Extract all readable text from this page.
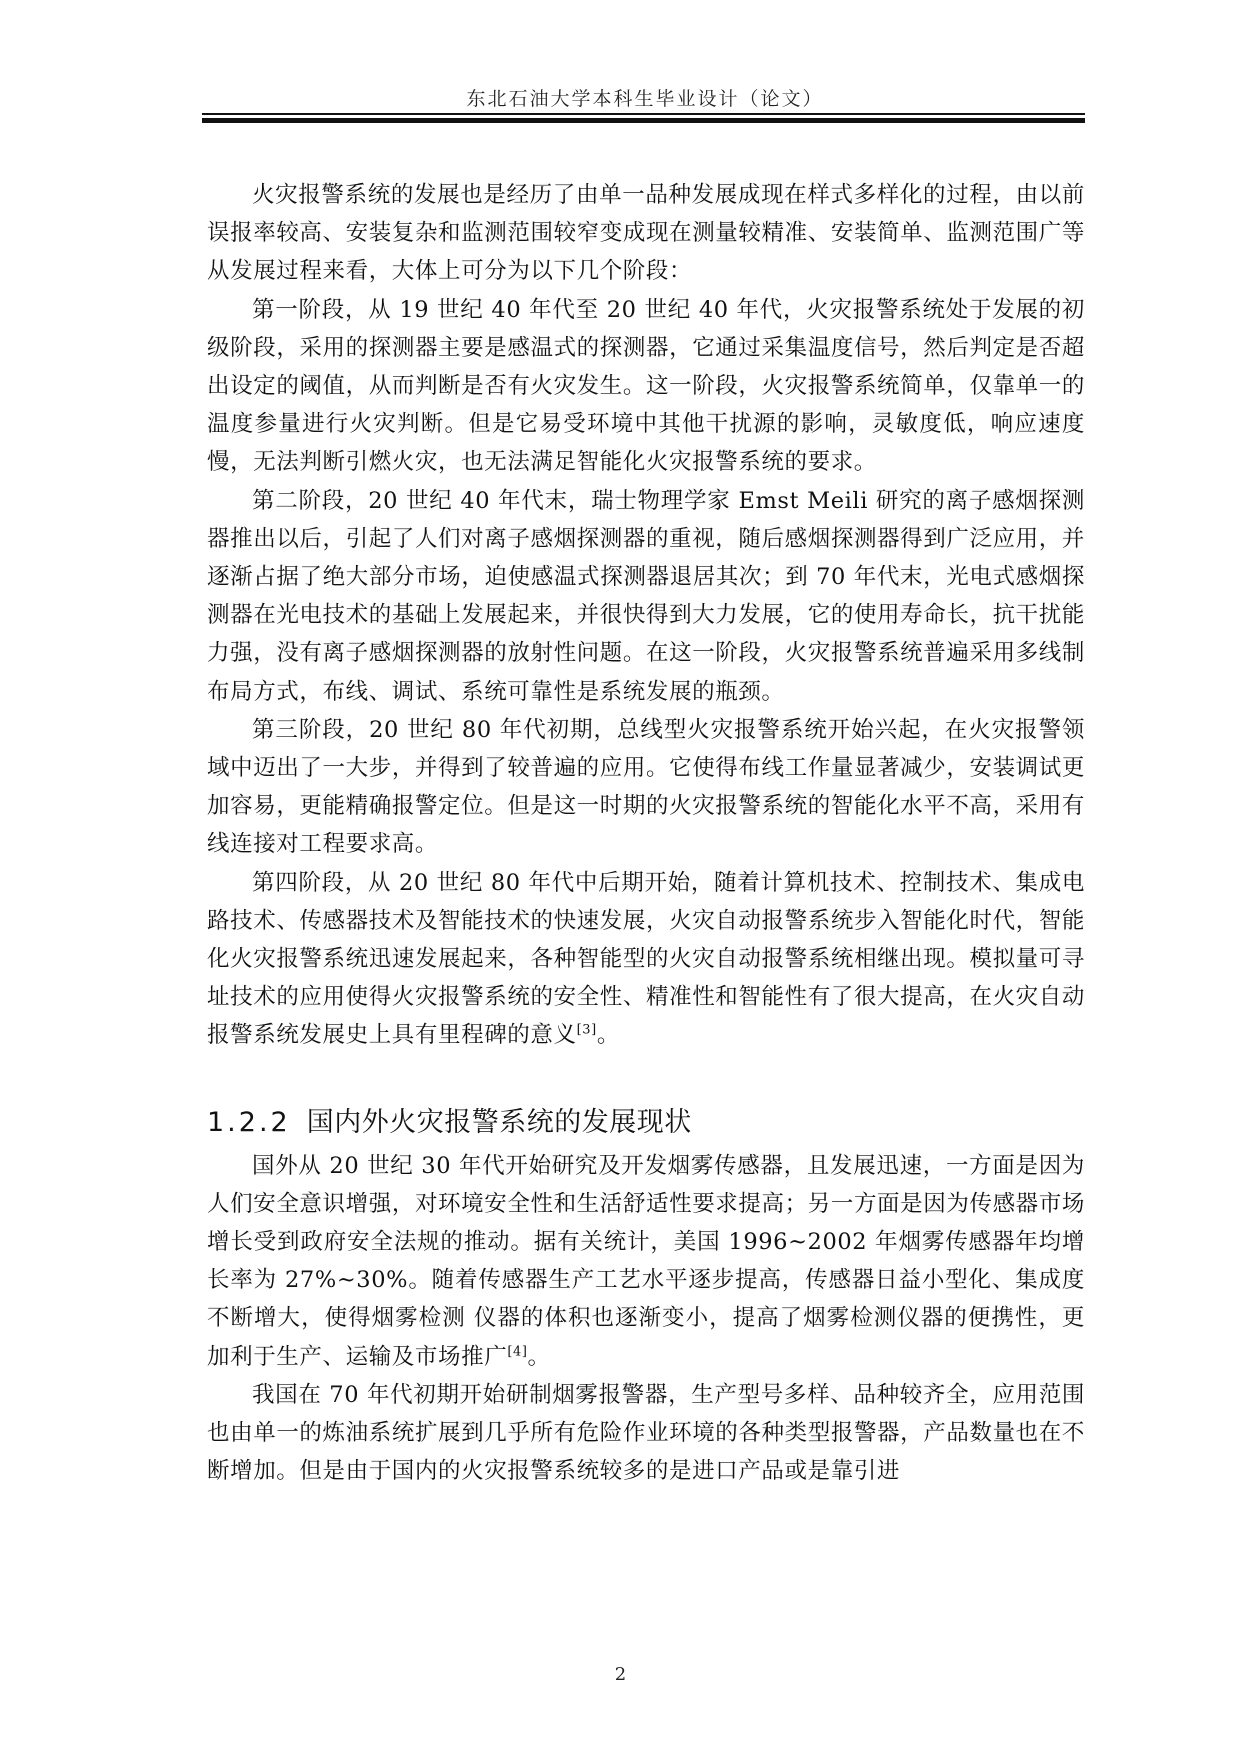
东北石油大学本科生毕业设计（论文）

火灾报警系统的发展也是经历了由单一品种发展成现在样式多样化的过程，由以前误报率较高、安装复杂和监测范围较窄变成现在测量较精准、安装简单、监测范围广等从发展过程来看，大体上可分为以下几个阶段：

第一阶段，从 19 世纪 40 年代至 20 世纪 40 年代，火灾报警系统处于发展的初级阶段，采用的探测器主要是感温式的探测器，它通过采集温度信号，然后判定是否超出设定的阈值，从而判断是否有火灾发生。这一阶段，火灾报警系统简单，仅靠单一的温度参量进行火灾判断。但是它易受环境中其他干扰源的影响，灵敏度低，响应速度慢，无法判断引燃火灾，也无法满足智能化火灾报警系统的要求。

第二阶段，20 世纪 40 年代末，瑞士物理学家 Emst Meili 研究的离子感烟探测器推出以后，引起了人们对离子感烟探测器的重视，随后感烟探测器得到广泛应用，并逐渐占据了绝大部分市场，迫使感温式探测器退居其次；到 70 年代末，光电式感烟探测器在光电技术的基础上发展起来，并很快得到大力发展，它的使用寿命长，抗干扰能力强，没有离子感烟探测器的放射性问题。在这一阶段，火灾报警系统普遍采用多线制布局方式，布线、调试、系统可靠性是系统发展的瓶颈。

第三阶段，20 世纪 80 年代初期，总线型火灾报警系统开始兴起，在火灾报警领域中迈出了一大步，并得到了较普遍的应用。它使得布线工作量显著减少，安装调试更加容易，更能精确报警定位。但是这一时期的火灾报警系统的智能化水平不高，采用有线连接对工程要求高。

第四阶段，从 20 世纪 80 年代中后期开始，随着计算机技术、控制技术、集成电路技术、传感器技术及智能技术的快速发展，火灾自动报警系统步入智能化时代，智能化火灾报警系统迅速发展起来，各种智能型的火灾自动报警系统相继出现。模拟量可寻址技术的应用使得火灾报警系统的安全性、精准性和智能性有了很大提高，在火灾自动报警系统发展史上具有里程碑的意义[3]。

1.2.2 国内外火灾报警系统的发展现状

国外从 20 世纪 30 年代开始研究及开发烟雾传感器，且发展迅速，一方面是因为人们安全意识增强，对环境安全性和生活舒适性要求提高；另一方面是因为传感器市场增长受到政府安全法规的推动。据有关统计，美国 1996~2002 年烟雾传感器年均增长率为 27%~30%。随着传感器生产工艺水平逐步提高，传感器日益小型化、集成度不断增大，使得烟雾检测 仪器的体积也逐渐变小，提高了烟雾检测仪器的便携性，更加利于生产、运输及市场推广[4]。

我国在 70 年代初期开始研制烟雾报警器，生产型号多样、品种较齐全，应用范围也由单一的炼油系统扩展到几乎所有危险作业环境的各种类型报警器，产品数量也在不断增加。但是由于国内的火灾报警系统较多的是进口产品或是靠引进

2
